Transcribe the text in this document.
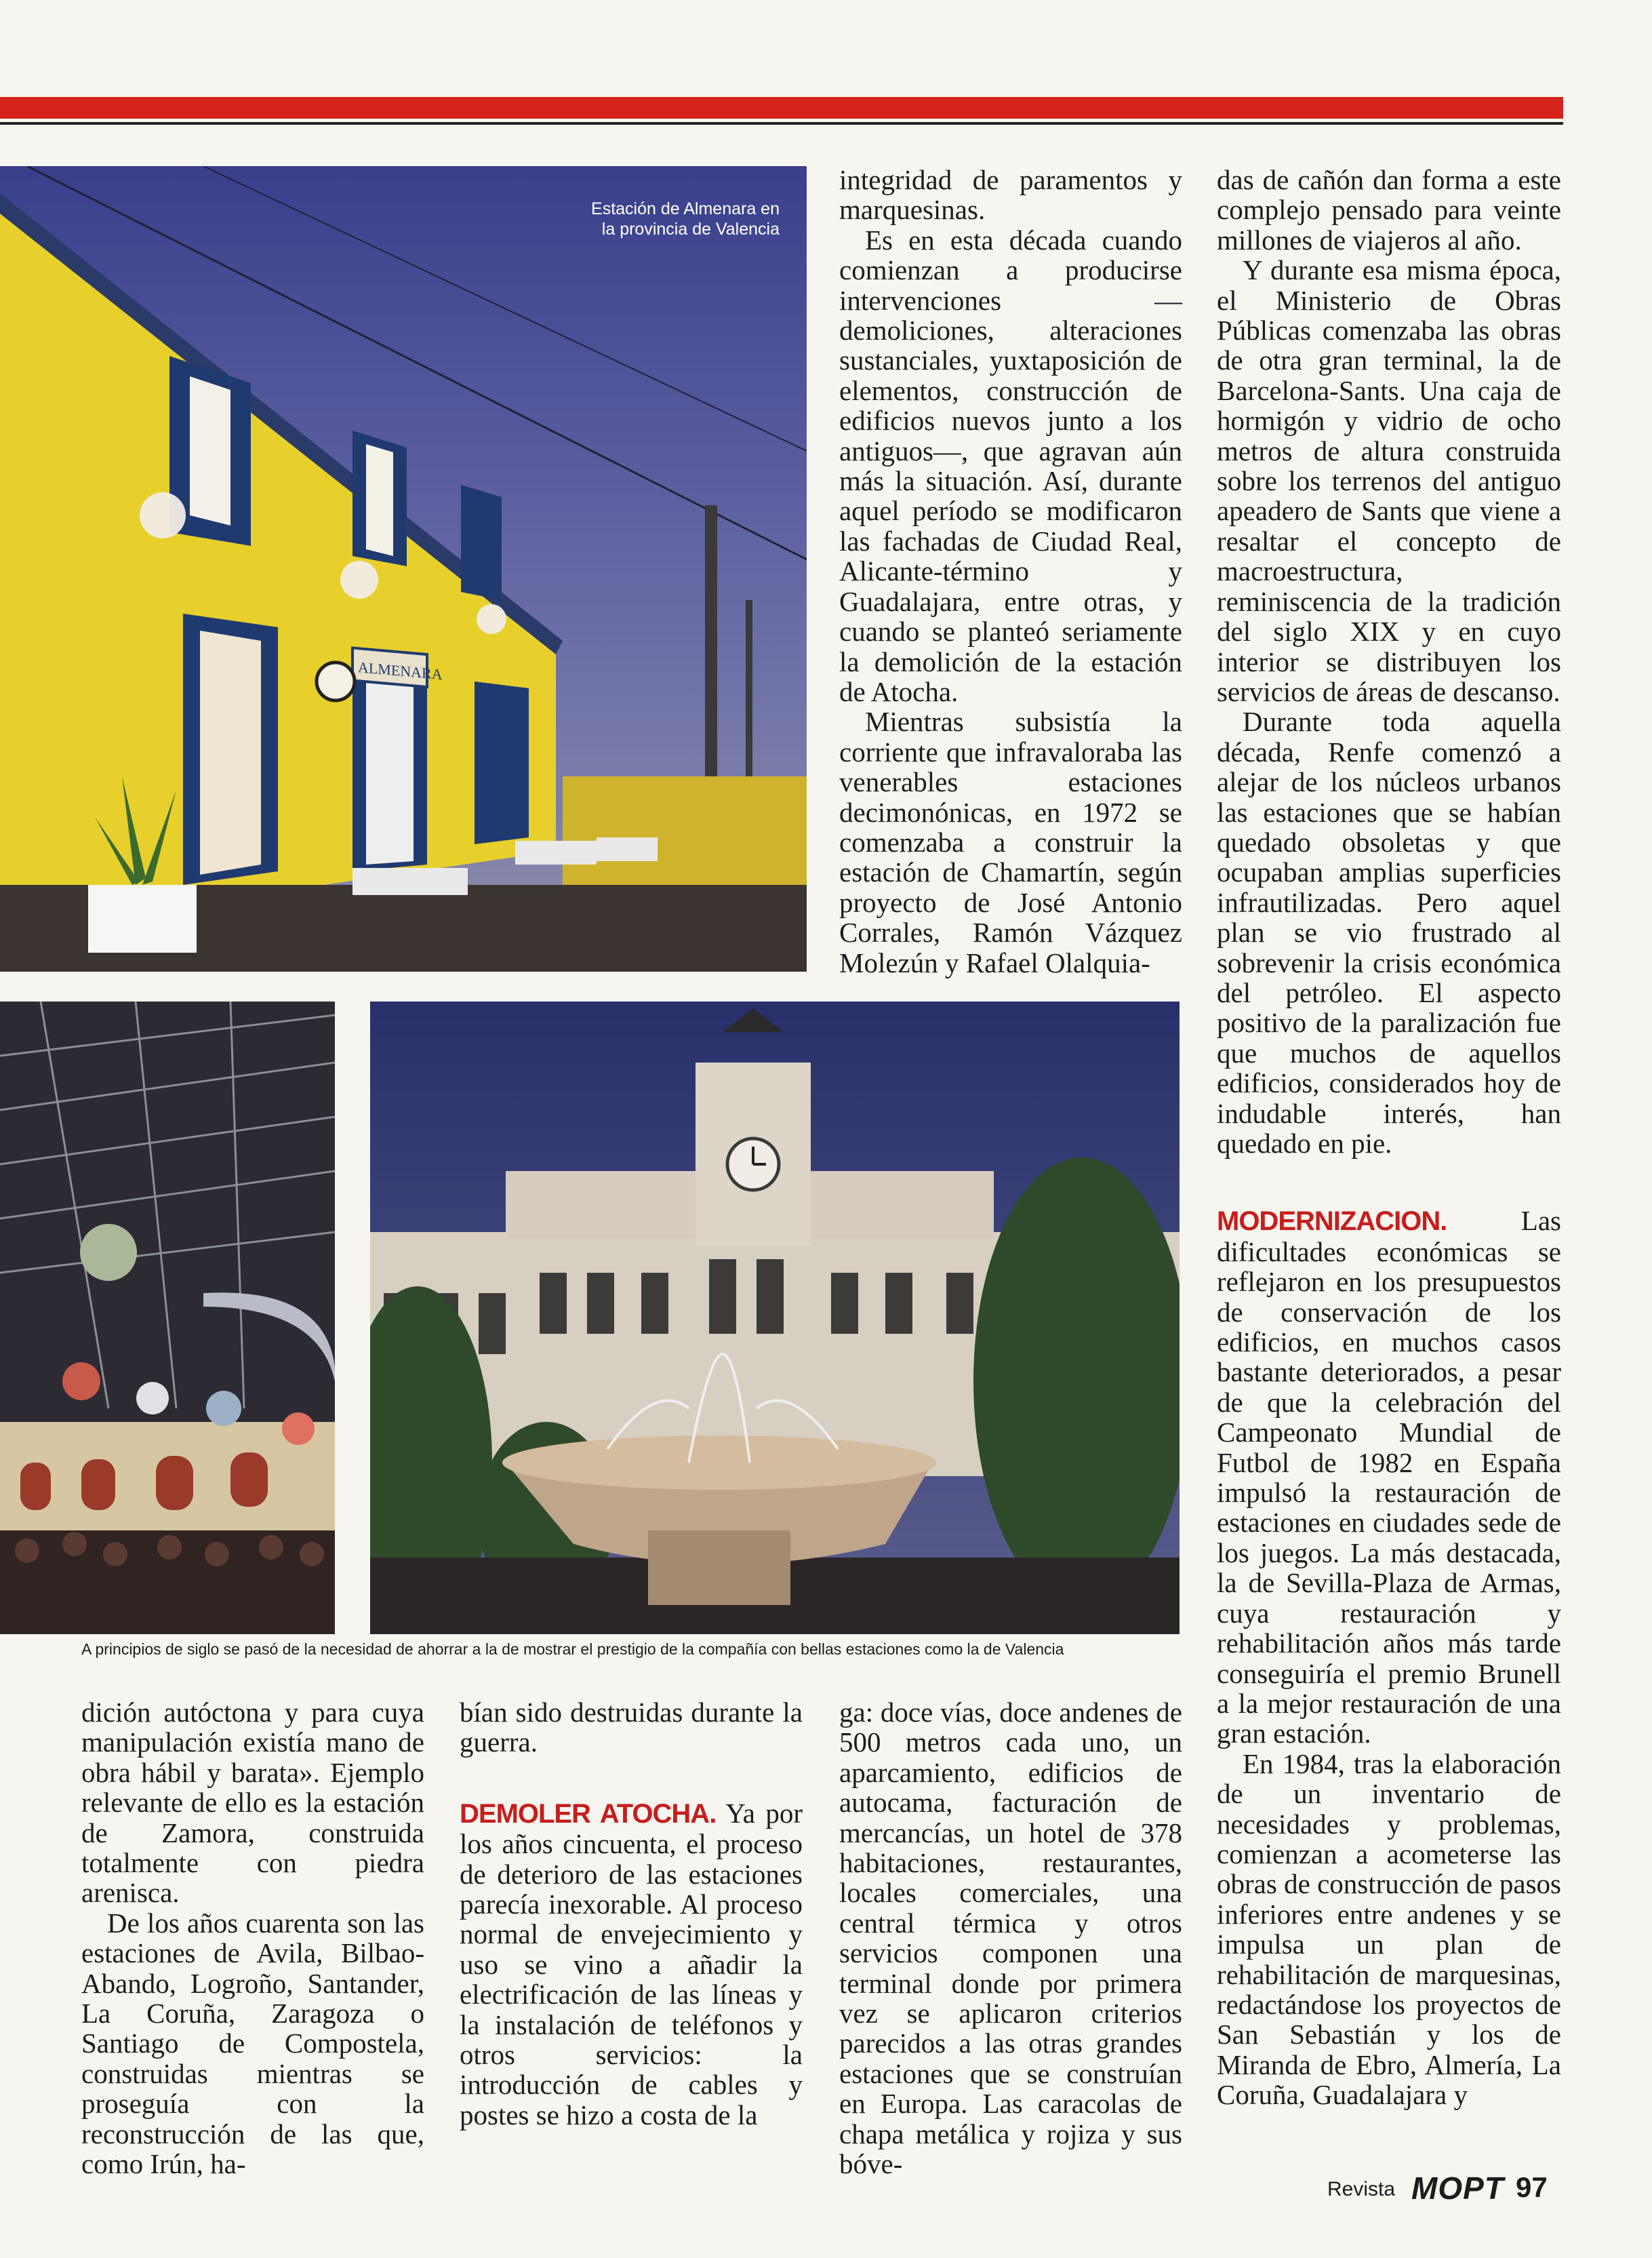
ALMENARA
Estación de Almenara en la provincia de Valencia
A principios de siglo se pasó de la necesidad de ahorrar a la de mostrar el prestigio de la compañía con bellas estaciones como la de Valencia

integridad de paramentos y marquesinas.

Es en esta década cuando comienzan a producirse intervenciones —demoliciones, alteraciones sustanciales, yuxtaposición de elementos, construcción de edificios nuevos junto a los antiguos—, que agravan aún más la situación. Así, durante aquel período se modificaron las fachadas de Ciudad Real, Alicante-término y Guadalajara, entre otras, y cuando se planteó seriamente la demolición de la estación de Atocha.

Mientras subsistía la corriente que infravaloraba las venerables estaciones decimonónicas, en 1972 se comenzaba a construir la estación de Chamartín, según proyecto de José Antonio Corrales, Ramón Vázquez Molezún y Rafael Olalquia-

das de cañón dan forma a este complejo pensado para veinte millones de viajeros al año.

Y durante esa misma época, el Ministerio de Obras Públicas comenzaba las obras de otra gran terminal, la de Barcelona-Sants. Una caja de hormigón y vidrio de ocho metros de altura construida sobre los terrenos del antiguo apeadero de Sants que viene a resaltar el concepto de macroestructura, reminiscencia de la tradición del siglo XIX y en cuyo interior se distribuyen los servicios de áreas de descanso.

Durante toda aquella década, Renfe comenzó a alejar de los núcleos urbanos las estaciones que se habían quedado obsoletas y que ocupaban amplias superficies infrautilizadas. Pero aquel plan se vio frustrado al sobrevenir la crisis económica del petróleo. El aspecto positivo de la paralización fue que muchos de aquellos edificios, considerados hoy de indudable interés, han quedado en pie.

MODERNIZACION.	Las dificultades económicas se reflejaron en los presupuestos de conservación de los edificios, en muchos casos bastante deteriorados, a pesar de que la celebración del Campeonato Mundial de Futbol de 1982 en España impulsó la restauración de estaciones en ciudades sede de los juegos. La más destacada, la de Sevilla-Plaza de Armas, cuya restauración y rehabilitación años más tarde conseguiría el premio Brunell a la mejor restauración de una gran estación.

En 1984, tras la elaboración de un inventario de necesidades y problemas, comienzan a acometerse las obras de construcción de pasos inferiores entre andenes y se impulsa un plan de rehabilitación de marquesinas, redactándose los proyectos de San Sebastián y los de Miranda de Ebro, Almería, La Coruña, Guadalajara y

dición autóctona y para cuya manipulación existía mano de obra hábil y barata». Ejemplo relevante de ello es la estación de Zamora, construida totalmente con piedra arenisca.

De los años cuarenta son las estaciones de Avila, Bilbao-Abando, Logroño, Santander, La Coruña, Zaragoza o Santiago de Compostela, construidas mientras se proseguía con la reconstrucción de las que, como Irún, ha-

bían sido destruidas durante la guerra.

DEMOLER ATOCHA. Ya por los años cincuenta, el proceso de deterioro de las estaciones parecía inexorable. Al proceso normal de envejecimiento y uso se vino a añadir la electrificación de las líneas y la instalación de teléfonos y otros servicios: la introducción de cables y postes se hizo a costa de la

ga: doce vías, doce andenes de 500 metros cada uno, un aparcamiento, edificios de autocama, facturación de mercancías, un hotel de 378 habitaciones, restaurantes, locales comerciales, una central térmica y otros servicios componen una terminal donde por primera vez se aplicaron criterios parecidos a las otras grandes estaciones que se construían en Europa. Las caracolas de chapa metálica y rojiza y sus bóve-

Revista MOPT 97
